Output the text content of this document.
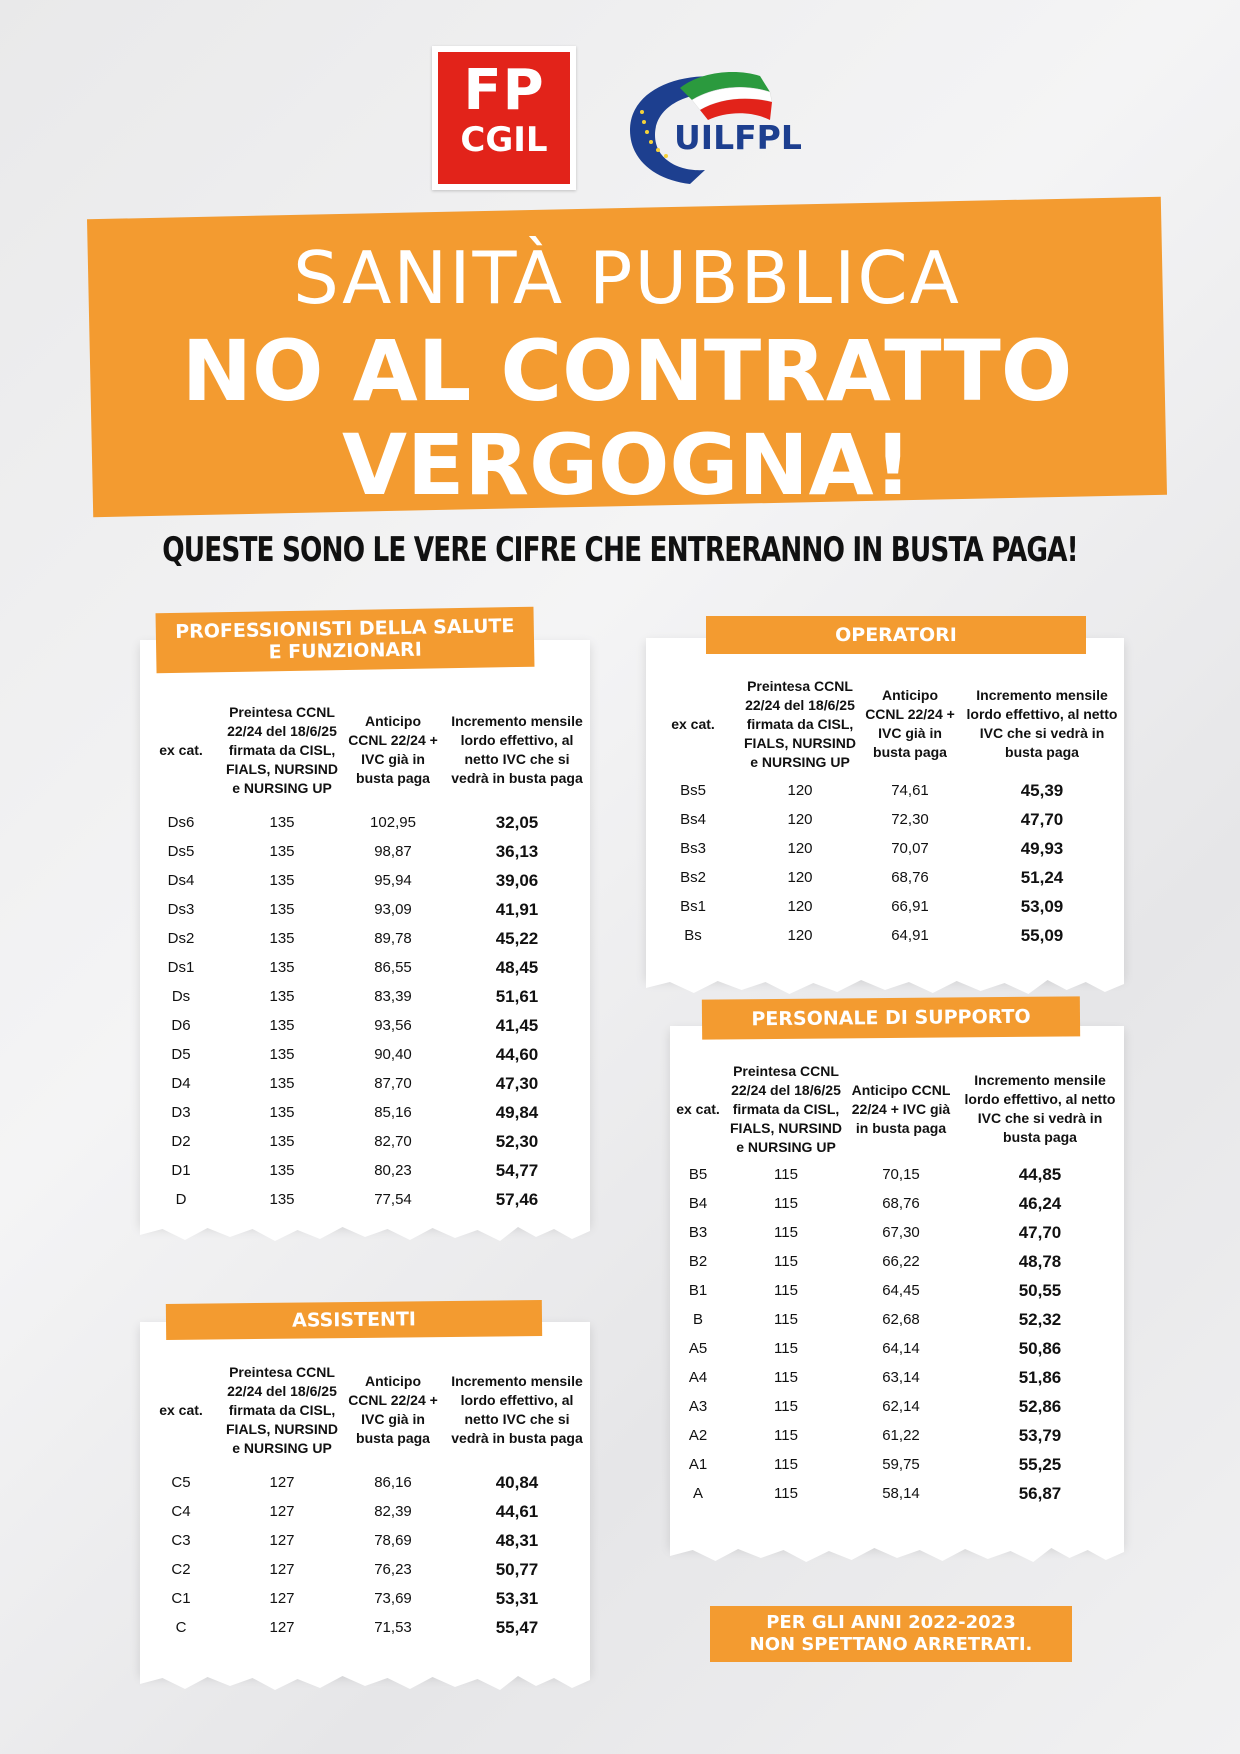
FP
CGIL	UILFPL
SANITÀ PUBBLICA
NO AL CONTRATTO
VERGOGNA!
QUESTE SONO LE VERE CIFRE CHE ENTRERANNO IN BUSTA PAGA!
ex cat.	Preintesa CCNL 22/24 del 18/6/25 firmata da CISL, FIALS, NURSIND e NURSING UP	Anticipo CCNL 22/24 + IVC già in busta paga	Incremento mensile lordo effettivo, al netto IVC che si vedrà in busta paga
Ds6	135	102,95	32,05
Ds5	135	98,87	36,13
Ds4	135	95,94	39,06
Ds3	135	93,09	41,91
Ds2	135	89,78	45,22
Ds1	135	86,55	48,45
Ds	135	83,39	51,61
D6	135	93,56	41,45
D5	135	90,40	44,60
D4	135	87,70	47,30
D3	135	85,16	49,84
D2	135	82,70	52,30
D1	135	80,23	54,77
D	135	77,54	57,46
PROFESSIONISTI DELLA SALUTE
E FUNZIONARI
ex cat.	Preintesa CCNL 22/24 del 18/6/25 firmata da CISL, FIALS, NURSIND e NURSING UP	Anticipo CCNL 22/24 + IVC già in busta paga	Incremento mensile lordo effettivo, al netto IVC che si vedrà in busta paga
C5	127	86,16	40,84
C4	127	82,39	44,61
C3	127	78,69	48,31
C2	127	76,23	50,77
C1	127	73,69	53,31
C	127	71,53	55,47
ASSISTENTI
ex cat.	Preintesa CCNL 22/24 del 18/6/25 firmata da CISL, FIALS, NURSIND e NURSING UP	Anticipo CCNL 22/24 + IVC già in busta paga	Incremento mensile lordo effettivo, al netto IVC che si vedrà in busta paga
Bs5	120	74,61	45,39
Bs4	120	72,30	47,70
Bs3	120	70,07	49,93
Bs2	120	68,76	51,24
Bs1	120	66,91	53,09
Bs	120	64,91	55,09
OPERATORI
ex cat.	Preintesa CCNL 22/24 del 18/6/25 firmata da CISL, FIALS, NURSIND e NURSING UP	Anticipo CCNL 22/24 + IVC già in busta paga	Incremento mensile lordo effettivo, al netto IVC che si vedrà in busta paga
B5	115	70,15	44,85
B4	115	68,76	46,24
B3	115	67,30	47,70
B2	115	66,22	48,78
B1	115	64,45	50,55
B	115	62,68	52,32
A5	115	64,14	50,86
A4	115	63,14	51,86
A3	115	62,14	52,86
A2	115	61,22	53,79
A1	115	59,75	55,25
A	115	58,14	56,87
PERSONALE DI SUPPORTO
PER GLI ANNI 2022-2023
NON SPETTANO ARRETRATI.
